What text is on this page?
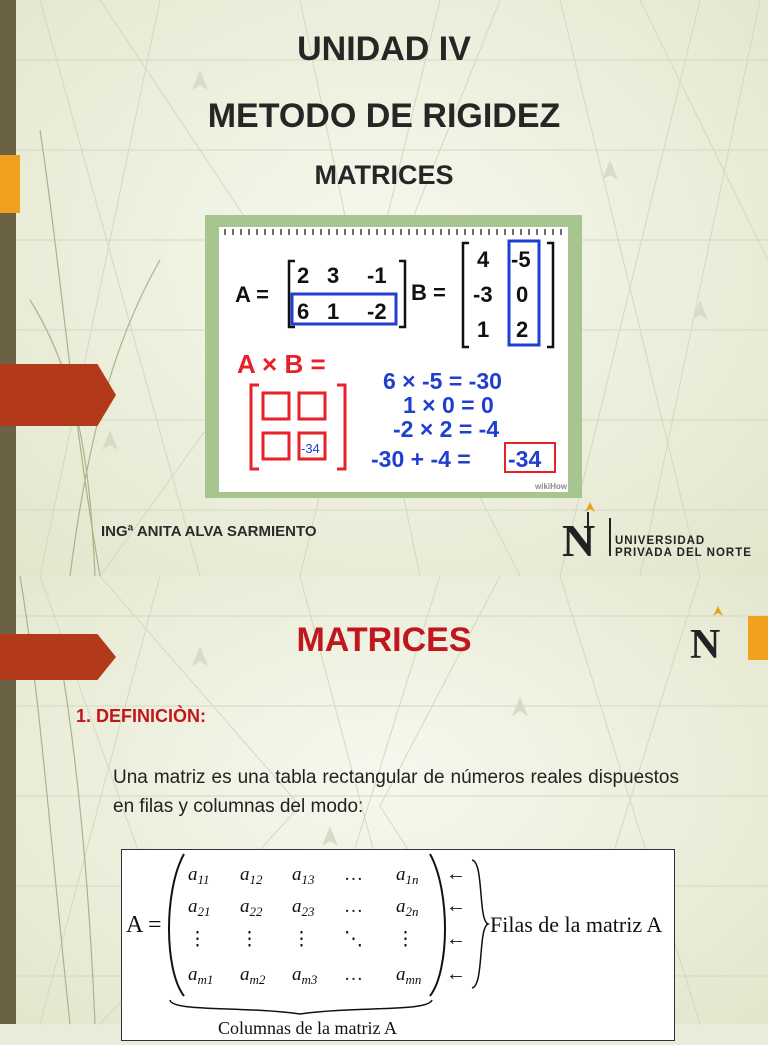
UNIDAD IV
METODO DE RIGIDEZ
MATRICES
A =
2 3 -1
6 1 -2
B =
4 -5
-3 0
1 2
A × B =
-34
6 × -5 = -30
1 × 0 = 0
-2 × 2 = -4
-30 + -4 = -34
wikiHow
INGª ANITA ALVA SARMIENTO	N UNIVERSIDAD
PRIVADA DEL NORTE
N
MATRICES
1. DEFINICIÒN:
Una matriz es una tabla rectangular de números reales dispuestos en filas y columnas del modo:
A =
$a_{11}$ $a_{12}$ $a_{13}$ … $a_{1n}$
$a_{21}$ $a_{22}$ $a_{23}$ … $a_{2n}$
⋮ ⋮ ⋮ ⋱ ⋮
$a_{m1}$ $a_{m2}$ $a_{m3}$ … $a_{mn}$
←
←
←
←
Filas de la matriz A
Columnas de la matriz A
